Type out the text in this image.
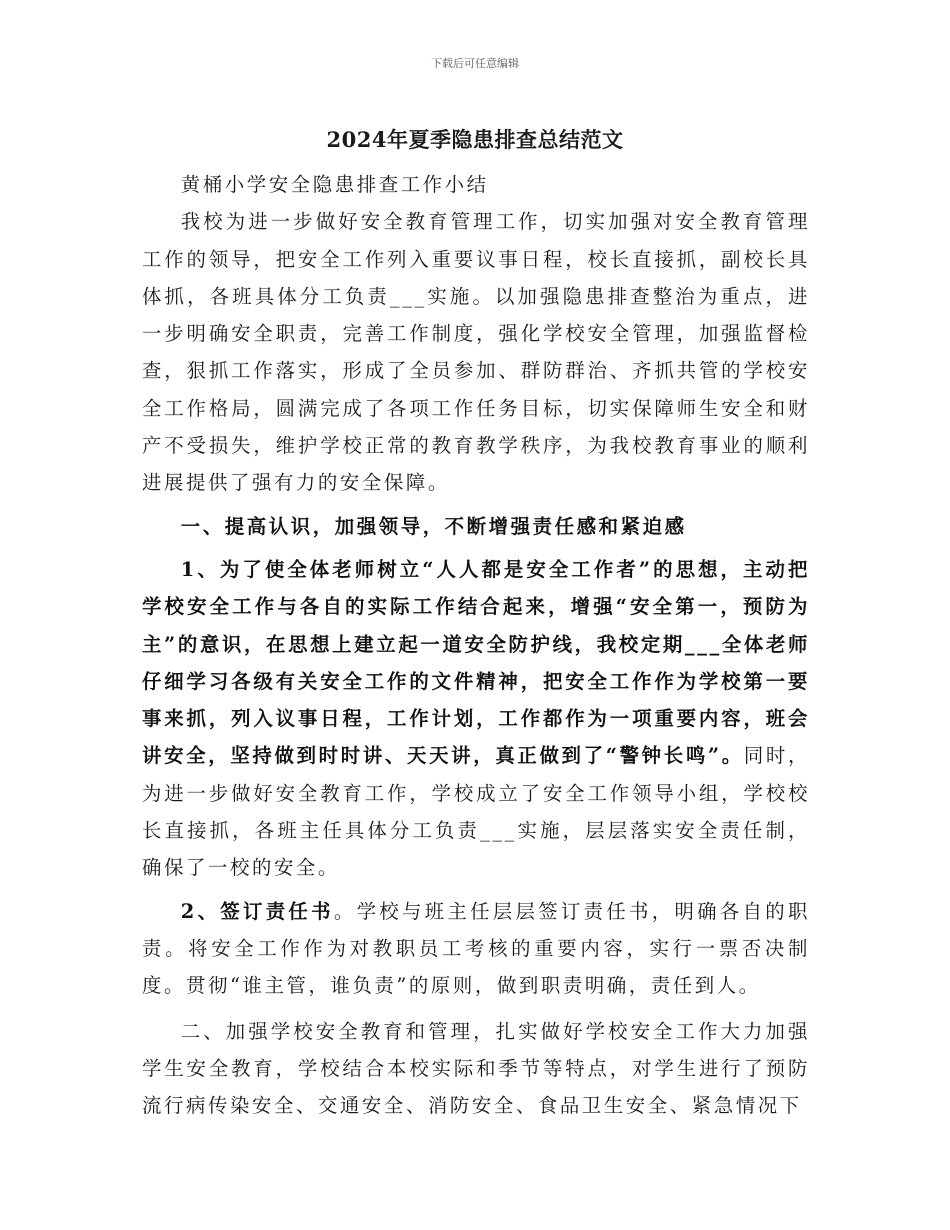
下载后可任意编辑
2024年夏季隐患排查总结范文

黄桶小学安全隐患排查工作小结

我校为进一步做好安全教育管理工作，切实加强对安全教育管理工作的领导，把安全工作列入重要议事日程，校长直接抓，副校长具体抓，各班具体分工负责___实施。以加强隐患排查整治为重点，进一步明确安全职责，完善工作制度，强化学校安全管理，加强监督检查，狠抓工作落实，形成了全员参加、群防群治、齐抓共管的学校安全工作格局，圆满完成了各项工作任务目标，切实保障师生安全和财产不受损失，维护学校正常的教育教学秩序，为我校教育事业的顺利进展提供了强有力的安全保障。

一、提高认识，加强领导，不断增强责任感和紧迫感

1、为了使全体老师树立“人人都是安全工作者”的思想，主动把学校安全工作与各自的实际工作结合起来，增强“安全第一，预防为主”的意识，在思想上建立起一道安全防护线，我校定期___全体老师仔细学习各级有关安全工作的文件精神，把安全工作作为学校第一要事来抓，列入议事日程，工作计划，工作都作为一项重要内容，班会讲安全，坚持做到时时讲、天天讲，真正做到了“警钟长鸣”。同时，为进一步做好安全教育工作，学校成立了安全工作领导小组，学校校长直接抓，各班主任具体分工负责___实施，层层落实安全责任制，确保了一校的安全。

2、签订责任书。学校与班主任层层签订责任书，明确各自的职责。将安全工作作为对教职员工考核的重要内容，实行一票否决制度。贯彻“谁主管，谁负责”的原则，做到职责明确，责任到人。

二、加强学校安全教育和管理，扎实做好学校安全工作大力加强学生安全教育，学校结合本校实际和季节等特点，对学生进行了预防流行病传染安全、交通安全、消防安全、食品卫生安全、紧急情况下
